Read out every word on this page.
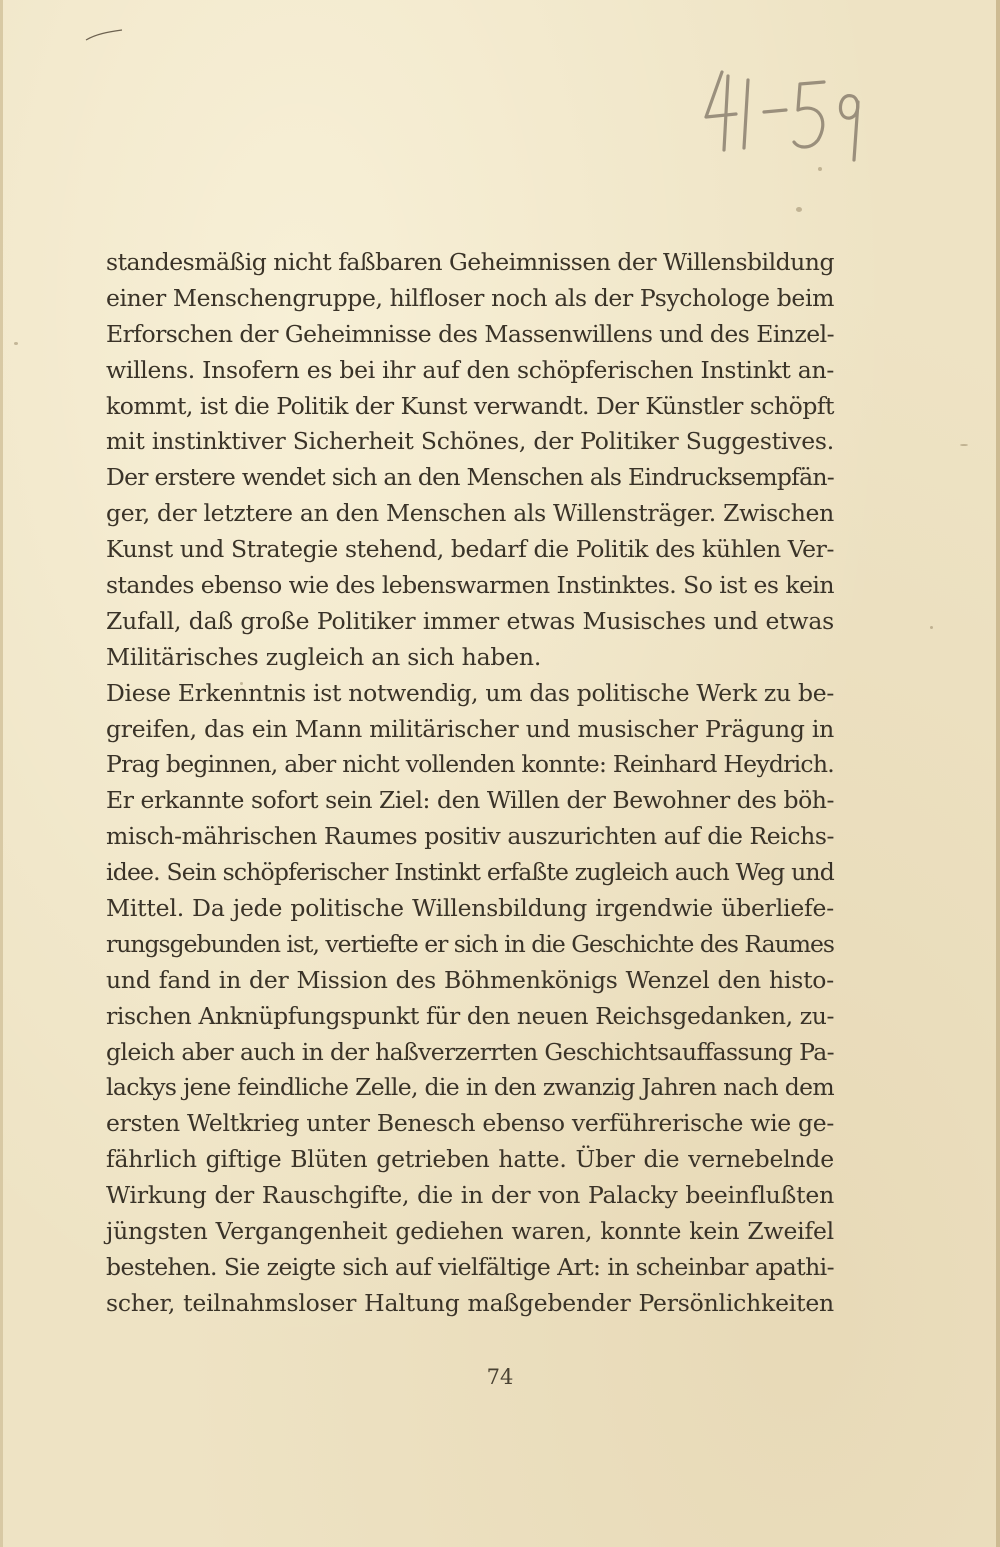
standesmäßig nicht faßbaren Geheimnissen der Willensbildung
einer Menschengruppe, hilfloser noch als der Psychologe beim
Erforschen der Geheimnisse des Massenwillens und des Einzel-
willens. Insofern es bei ihr auf den schöpferischen Instinkt an-
kommt, ist die Politik der Kunst verwandt. Der Künstler schöpft
mit instinktiver Sicherheit Schönes, der Politiker Suggestives.
Der erstere wendet sich an den Menschen als Eindrucksempfän-
ger, der letztere an den Menschen als Willensträger. Zwischen
Kunst und Strategie stehend, bedarf die Politik des kühlen Ver-
standes ebenso wie des lebenswarmen Instinktes. So ist es kein
Zufall, daß große Politiker immer etwas Musisches und etwas
Militärisches zugleich an sich haben.
Diese Erkenntnis ist notwendig, um das politische Werk zu be-
greifen, das ein Mann militärischer und musischer Prägung in
Prag beginnen, aber nicht vollenden konnte: Reinhard Heydrich.
Er erkannte sofort sein Ziel: den Willen der Bewohner des böh-
misch-mährischen Raumes positiv auszurichten auf die Reichs-
idee. Sein schöpferischer Instinkt erfaßte zugleich auch Weg und
Mittel. Da jede politische Willensbildung irgendwie überliefe-
rungsgebunden ist, vertiefte er sich in die Geschichte des Raumes
und fand in der Mission des Böhmenkönigs Wenzel den histo-
rischen Anknüpfungspunkt für den neuen Reichsgedanken, zu-
gleich aber auch in der haßverzerrten Geschichtsauffassung Pa-
lackys jene feindliche Zelle, die in den zwanzig Jahren nach dem
ersten Weltkrieg unter Benesch ebenso verführerische wie ge-
fährlich giftige Blüten getrieben hatte. Über die vernebelnde
Wirkung der Rauschgifte, die in der von Palacky beeinflußten
jüngsten Vergangenheit gediehen waren, konnte kein Zweifel
bestehen. Sie zeigte sich auf vielfältige Art: in scheinbar apathi-
scher, teilnahmsloser Haltung maßgebender Persönlichkeiten
74
